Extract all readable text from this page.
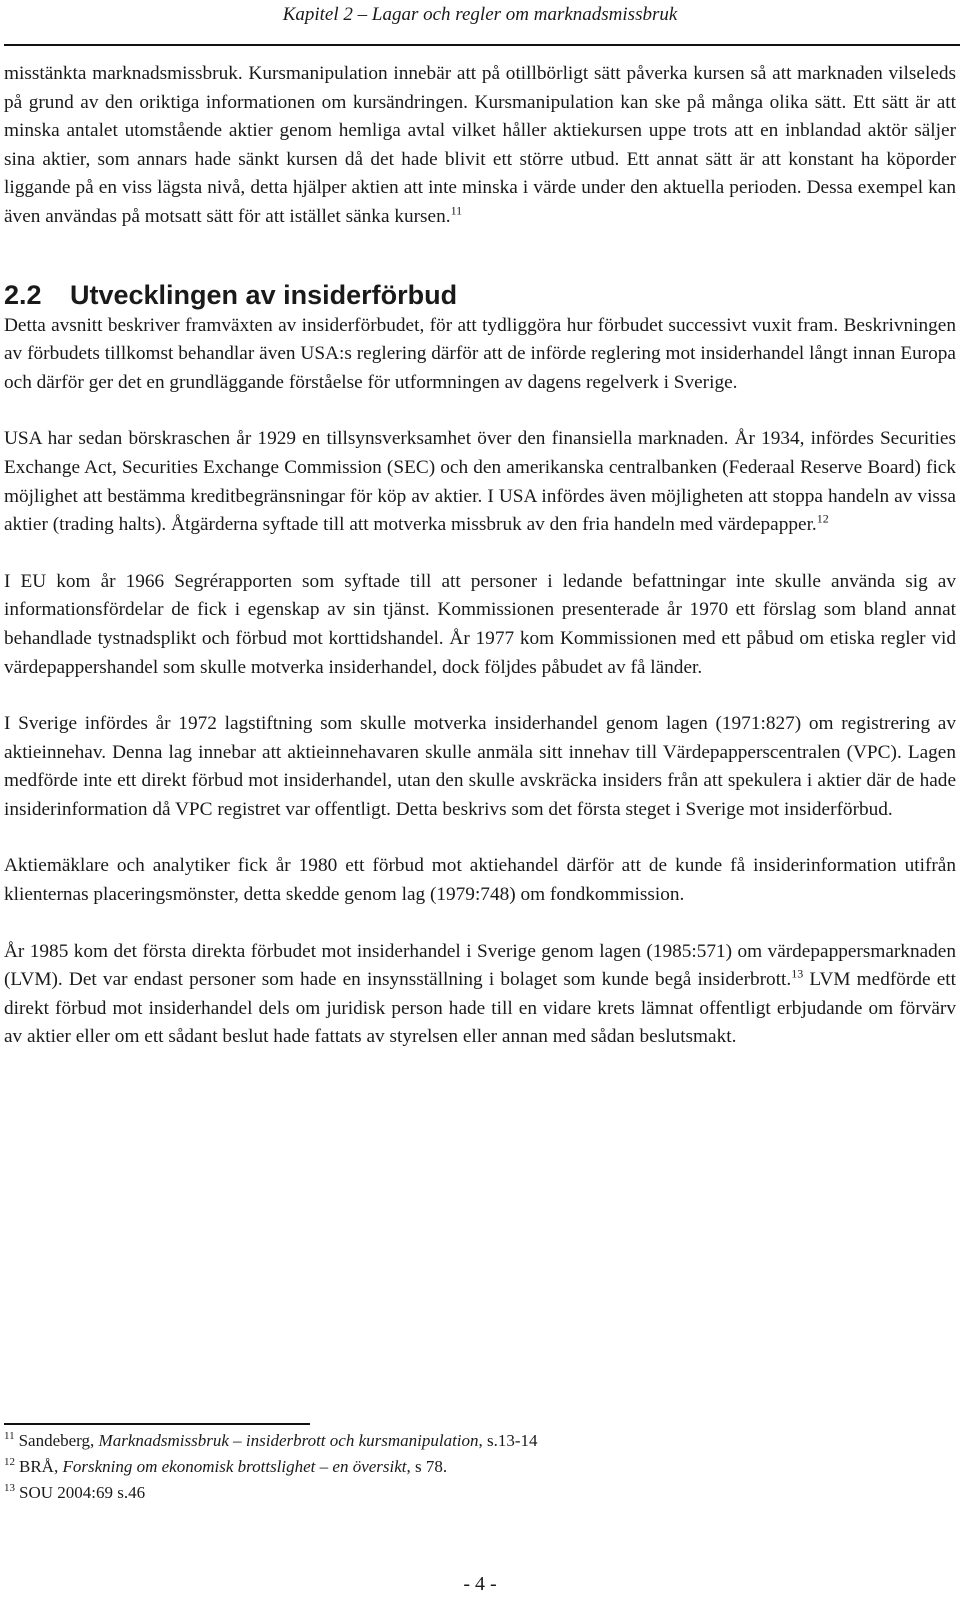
Kapitel 2 – Lagar och regler om marknadsmissbruk

misstänkta marknadsmissbruk. Kursmanipulation innebär att på otillbörligt sätt påverka kursen så att marknaden vilseleds på grund av den oriktiga informationen om kursändringen. Kursmanipulation kan ske på många olika sätt. Ett sätt är att minska antalet utomstående aktier genom hemliga avtal vilket håller aktiekursen uppe trots att en inblandad aktör säljer sina aktier, som annars hade sänkt kursen då det hade blivit ett större utbud. Ett annat sätt är att konstant ha köporder liggande på en viss lägsta nivå, detta hjälper aktien att inte minska i värde under den aktuella perioden. Dessa exempel kan även användas på motsatt sätt för att istället sänka kursen.$^{11}$

2.2 Utvecklingen av insiderförbud

Detta avsnitt beskriver framväxten av insiderförbudet, för att tydliggöra hur förbudet successivt vuxit fram. Beskrivningen av förbudets tillkomst behandlar även USA:s reglering därför att de införde reglering mot insiderhandel långt innan Europa och därför ger det en grundläggande förståelse för utformningen av dagens regelverk i Sverige.

USA har sedan börskraschen år 1929 en tillsynsverksamhet över den finansiella marknaden. År 1934, infördes Securities Exchange Act, Securities Exchange Commission (SEC) och den amerikanska centralbanken (Federaal Reserve Board) fick möjlighet att bestämma kreditbegränsningar för köp av aktier. I USA infördes även möjligheten att stoppa handeln av vissa aktier (trading halts). Åtgärderna syftade till att motverka missbruk av den fria handeln med värdepapper.$^{12}$

I EU kom år 1966 Segrérapporten som syftade till att personer i ledande befattningar inte skulle använda sig av informationsfördelar de fick i egenskap av sin tjänst. Kommissionen presenterade år 1970 ett förslag som bland annat behandlade tystnadsplikt och förbud mot korttidshandel. År 1977 kom Kommissionen med ett påbud om etiska regler vid värdepappershandel som skulle motverka insiderhandel, dock följdes påbudet av få länder.

I Sverige infördes år 1972 lagstiftning som skulle motverka insiderhandel genom lagen (1971:827) om registrering av aktieinnehav. Denna lag innebar att aktieinnehavaren skulle anmäla sitt innehav till Värdepapperscentralen (VPC). Lagen medförde inte ett direkt förbud mot insiderhandel, utan den skulle avskräcka insiders från att spekulera i aktier där de hade insiderinformation då VPC registret var offentligt. Detta beskrivs som det första steget i Sverige mot insiderförbud.

Aktiemäklare och analytiker fick år 1980 ett förbud mot aktiehandel därför att de kunde få insiderinformation utifrån klienternas placeringsmönster, detta skedde genom lag (1979:748) om fondkommission.

År 1985 kom det första direkta förbudet mot insiderhandel i Sverige genom lagen (1985:571) om värdepappersmarknaden (LVM). Det var endast personer som hade en insynsställning i bolaget som kunde begå insiderbrott.$^{13}$ LVM medförde ett direkt förbud mot insiderhandel dels om juridisk person hade till en vidare krets lämnat offentligt erbjudande om förvärv av aktier eller om ett sådant beslut hade fattats av styrelsen eller annan med sådan beslutsmakt.

$^{11}$ Sandeberg, Marknadsmissbruk – insiderbrott och kursmanipulation, s.13-14
$^{12}$ BRÅ, Forskning om ekonomisk brottslighet – en översikt, s 78.
$^{13}$ SOU 2004:69 s.46
- 4 -
